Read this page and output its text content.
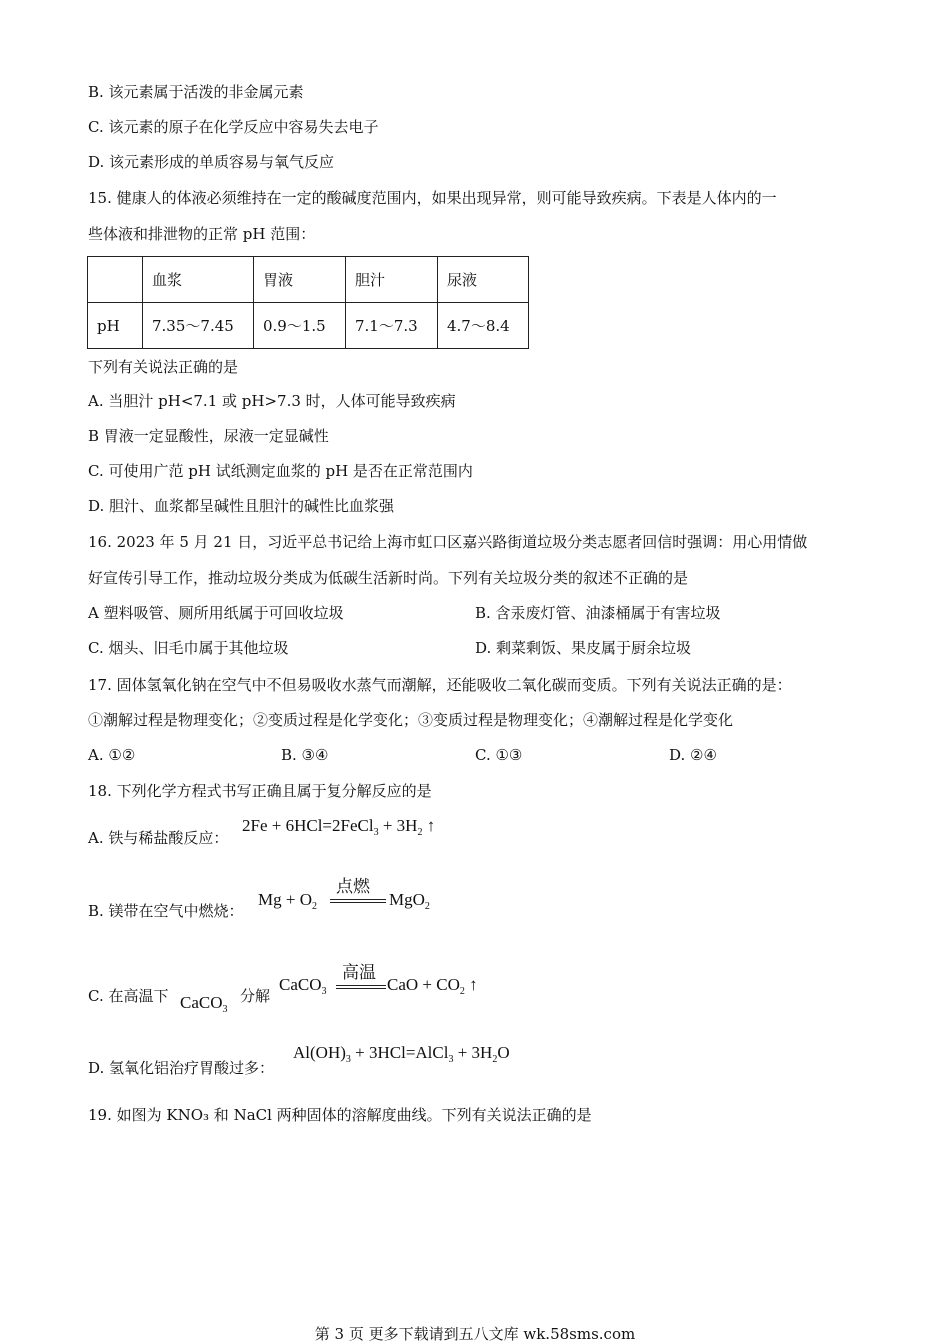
B. 该元素属于活泼的非金属元素
C. 该元素的原子在化学反应中容易失去电子
D. 该元素形成的单质容易与氧气反应
15. 健康人的体液必须维持在一定的酸碱度范围内，如果出现异常，则可能导致疾病。下表是人体内的一
些体液和排泄物的正常 pH 范围：
	血浆	胃液	胆汁	尿液
pH	7.35～7.45	0.9～1.5	7.1～7.3	4.7～8.4
下列有关说法正确的是
A. 当胆汁 pH<7.1 或 pH>7.3 时，人体可能导致疾病
B 胃液一定显酸性，尿液一定显碱性
C. 可使用广范 pH 试纸测定血浆的 pH 是否在正常范围内
D. 胆汁、血浆都呈碱性且胆汁的碱性比血浆强
16. 2023 年 5 月 21 日，习近平总书记给上海市虹口区嘉兴路街道垃圾分类志愿者回信时强调：用心用情做
好宣传引导工作，推动垃圾分类成为低碳生活新时尚。下列有关垃圾分类的叙述不正确的是
A 塑料吸管、厕所用纸属于可回收垃圾	B. 含汞废灯管、油漆桶属于有害垃圾
C. 烟头、旧毛巾属于其他垃圾	D. 剩菜剩饭、果皮属于厨余垃圾
17. 固体氢氧化钠在空气中不但易吸收水蒸气而潮解，还能吸收二氧化碳而变质。下列有关说法正确的是：
①潮解过程是物理变化；②变质过程是化学变化；③变质过程是物理变化；④潮解过程是化学变化
A. ①②	B. ③④	C. ①③	D. ②④
18. 下列化学方程式书写正确且属于复分解反应的是
A. 铁与稀盐酸反应：
2Fe + 6HCl=2FeCl$_3$ + $3H_2$ ↑
B. 镁带在空气中燃烧：
$Mg + O_2$
点燃
MgO$_2$
C. 在高温下 CaCO$_3$
分解
CaCO$_3$
高温
CaO + $CO_2$ ↑
D. 氢氧化铝治疗胃酸过多：
$Al(OH)_3$ + 3HCl=AlCl$_3$ + $3H_2O$
19. 如图为 KNO₃ 和 NaCl 两种固体的溶解度曲线。下列有关说法正确的是
第 3 页 更多下载请到五八文库 wk.58sms.com
